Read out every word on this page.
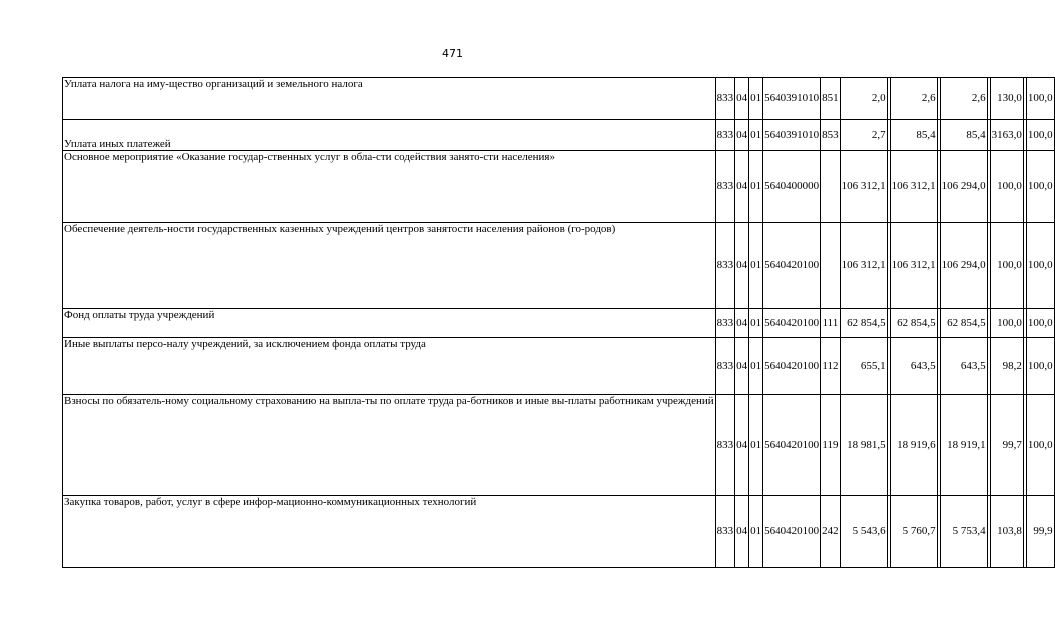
471
Уплата налога на иму-щество организаций и земельного налога	833	04	01	5640391010	851	2,0		2,6		2,6		130,0		100,0
Уплата иных платежей	833	04	01	5640391010	853	2,7		85,4		85,4		3163,0		100,0
Основное мероприятие «Оказание государ-ственных услуг в обла-сти содействия занято-сти населения»	833	04	01	5640400000		106 312,1		106 312,1		106 294,0		100,0		100,0
Обеспечение деятель-ности государственных казенных учреждений центров занятости населения районов (го-родов)	833	04	01	5640420100		106 312,1		106 312,1		106 294,0		100,0		100,0
Фонд оплаты труда учреждений	833	04	01	5640420100	111	62 854,5		62 854,5		62 854,5		100,0		100,0
Иные выплаты персо-налу учреждений, за исключением фонда оплаты труда	833	04	01	5640420100	112	655,1		643,5		643,5		98,2		100,0
Взносы по обязатель-ному социальному страхованию на выпла-ты по оплате труда ра-ботников и иные вы-платы работникам учреждений	833	04	01	5640420100	119	18 981,5		18 919,6		18 919,1		99,7		100,0
Закупка товаров, работ, услуг в сфере инфор-мационно-коммуникационных технологий	833	04	01	5640420100	242	5 543,6		5 760,7		5 753,4		103,8		99,9
